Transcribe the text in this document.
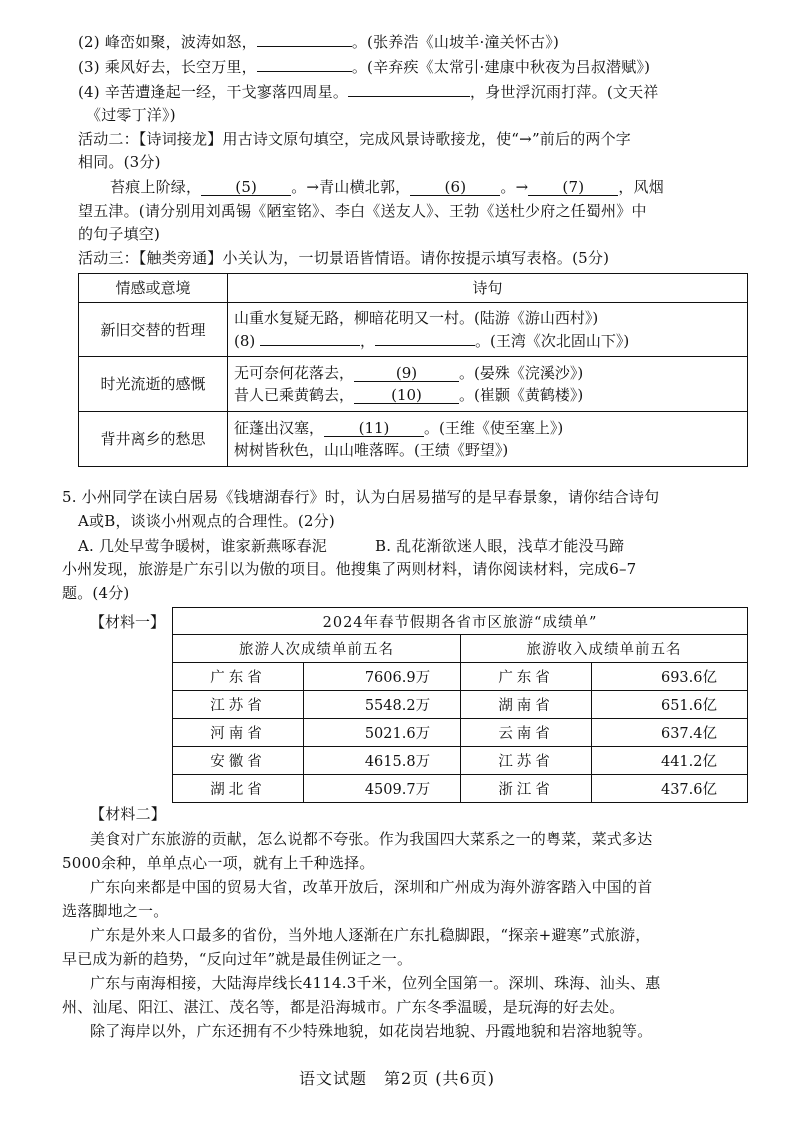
(2) 峰峦如聚，波涛如怒，	。(张养浩《山坡羊·潼关怀古》)
(3) 乘风好去，长空万里，	。(辛弃疾《太常引·建康中秋夜为吕叔潜赋》)
(4) 辛苦遭逢起一经，干戈寥落四周星。	，身世浮沉雨打萍。(文天祥
《过零丁洋》)
活动二：【诗词接龙】用古诗文原句填空，完成风景诗歌接龙，使“→”前后的两个字
相同。(3分)
苔痕上阶绿， (5) 。→青山横北郭， (6) 。→ (7) ，风烟
望五津。(请分别用刘禹锡《陋室铭》、李白《送友人》、王勃《送杜少府之任蜀州》中
的句子填空)
活动三：【触类旁通】小关认为，一切景语皆情语。请你按提示填写表格。(5分)
情感或意境	诗句
新旧交替的哲理	山重水复疑无路，柳暗花明又一村。(陆游《游山西村》)
(8) ， 。(王湾《次北固山下》)

时光流逝的感慨	无可奈何花落去， (9) 。(晏殊《浣溪沙》)
昔人已乘黄鹤去， (10) 。(崔颢《黄鹤楼》)

背井离乡的愁思	征蓬出汉塞， (11) 。(王维《使至塞上》)
树树皆秋色，山山唯落晖。(王绩《野望》)
5. 小州同学在读白居易《钱塘湖春行》时，认为白居易描写的是早春景象，请你结合诗句
A或B，谈谈小州观点的合理性。(2分)
A. 几处早莺争暖树，谁家新燕啄春泥	B. 乱花渐欲迷人眼，浅草才能没马蹄
小州发现，旅游是广东引以为傲的项目。他搜集了两则材料，请你阅读材料，完成6–7
题。(4分)
【材料一】	2024年春节假期各省市区旅游“成绩单”			
旅游人次成绩单前五名		旅游收入成绩单前五名	
广东省	7606.9万	广东省	693.6亿
江苏省	5548.2万	湖南省	651.6亿
河南省	5021.6万	云南省	637.4亿
安徽省	4615.8万	江苏省	441.2亿
湖北省	4509.7万	浙江省	437.6亿
【材料二】
美食对广东旅游的贡献，怎么说都不夸张。作为我国四大菜系之一的粤菜，菜式多达
5000余种，单单点心一项，就有上千种选择。
广东向来都是中国的贸易大省，改革开放后，深圳和广州成为海外游客踏入中国的首
选落脚地之一。
广东是外来人口最多的省份，当外地人逐渐在广东扎稳脚跟，“探亲+避寒”式旅游，
早已成为新的趋势，“反向过年”就是最佳例证之一。
广东与南海相接，大陆海岸线长4114.3千米，位列全国第一。深圳、珠海、汕头、惠
州、汕尾、阳江、湛江、茂名等，都是沿海城市。广东冬季温暖，是玩海的好去处。
除了海岸以外，广东还拥有不少特殊地貌，如花岗岩地貌、丹霞地貌和岩溶地貌等。
语文试题　第2页 (共6页)
